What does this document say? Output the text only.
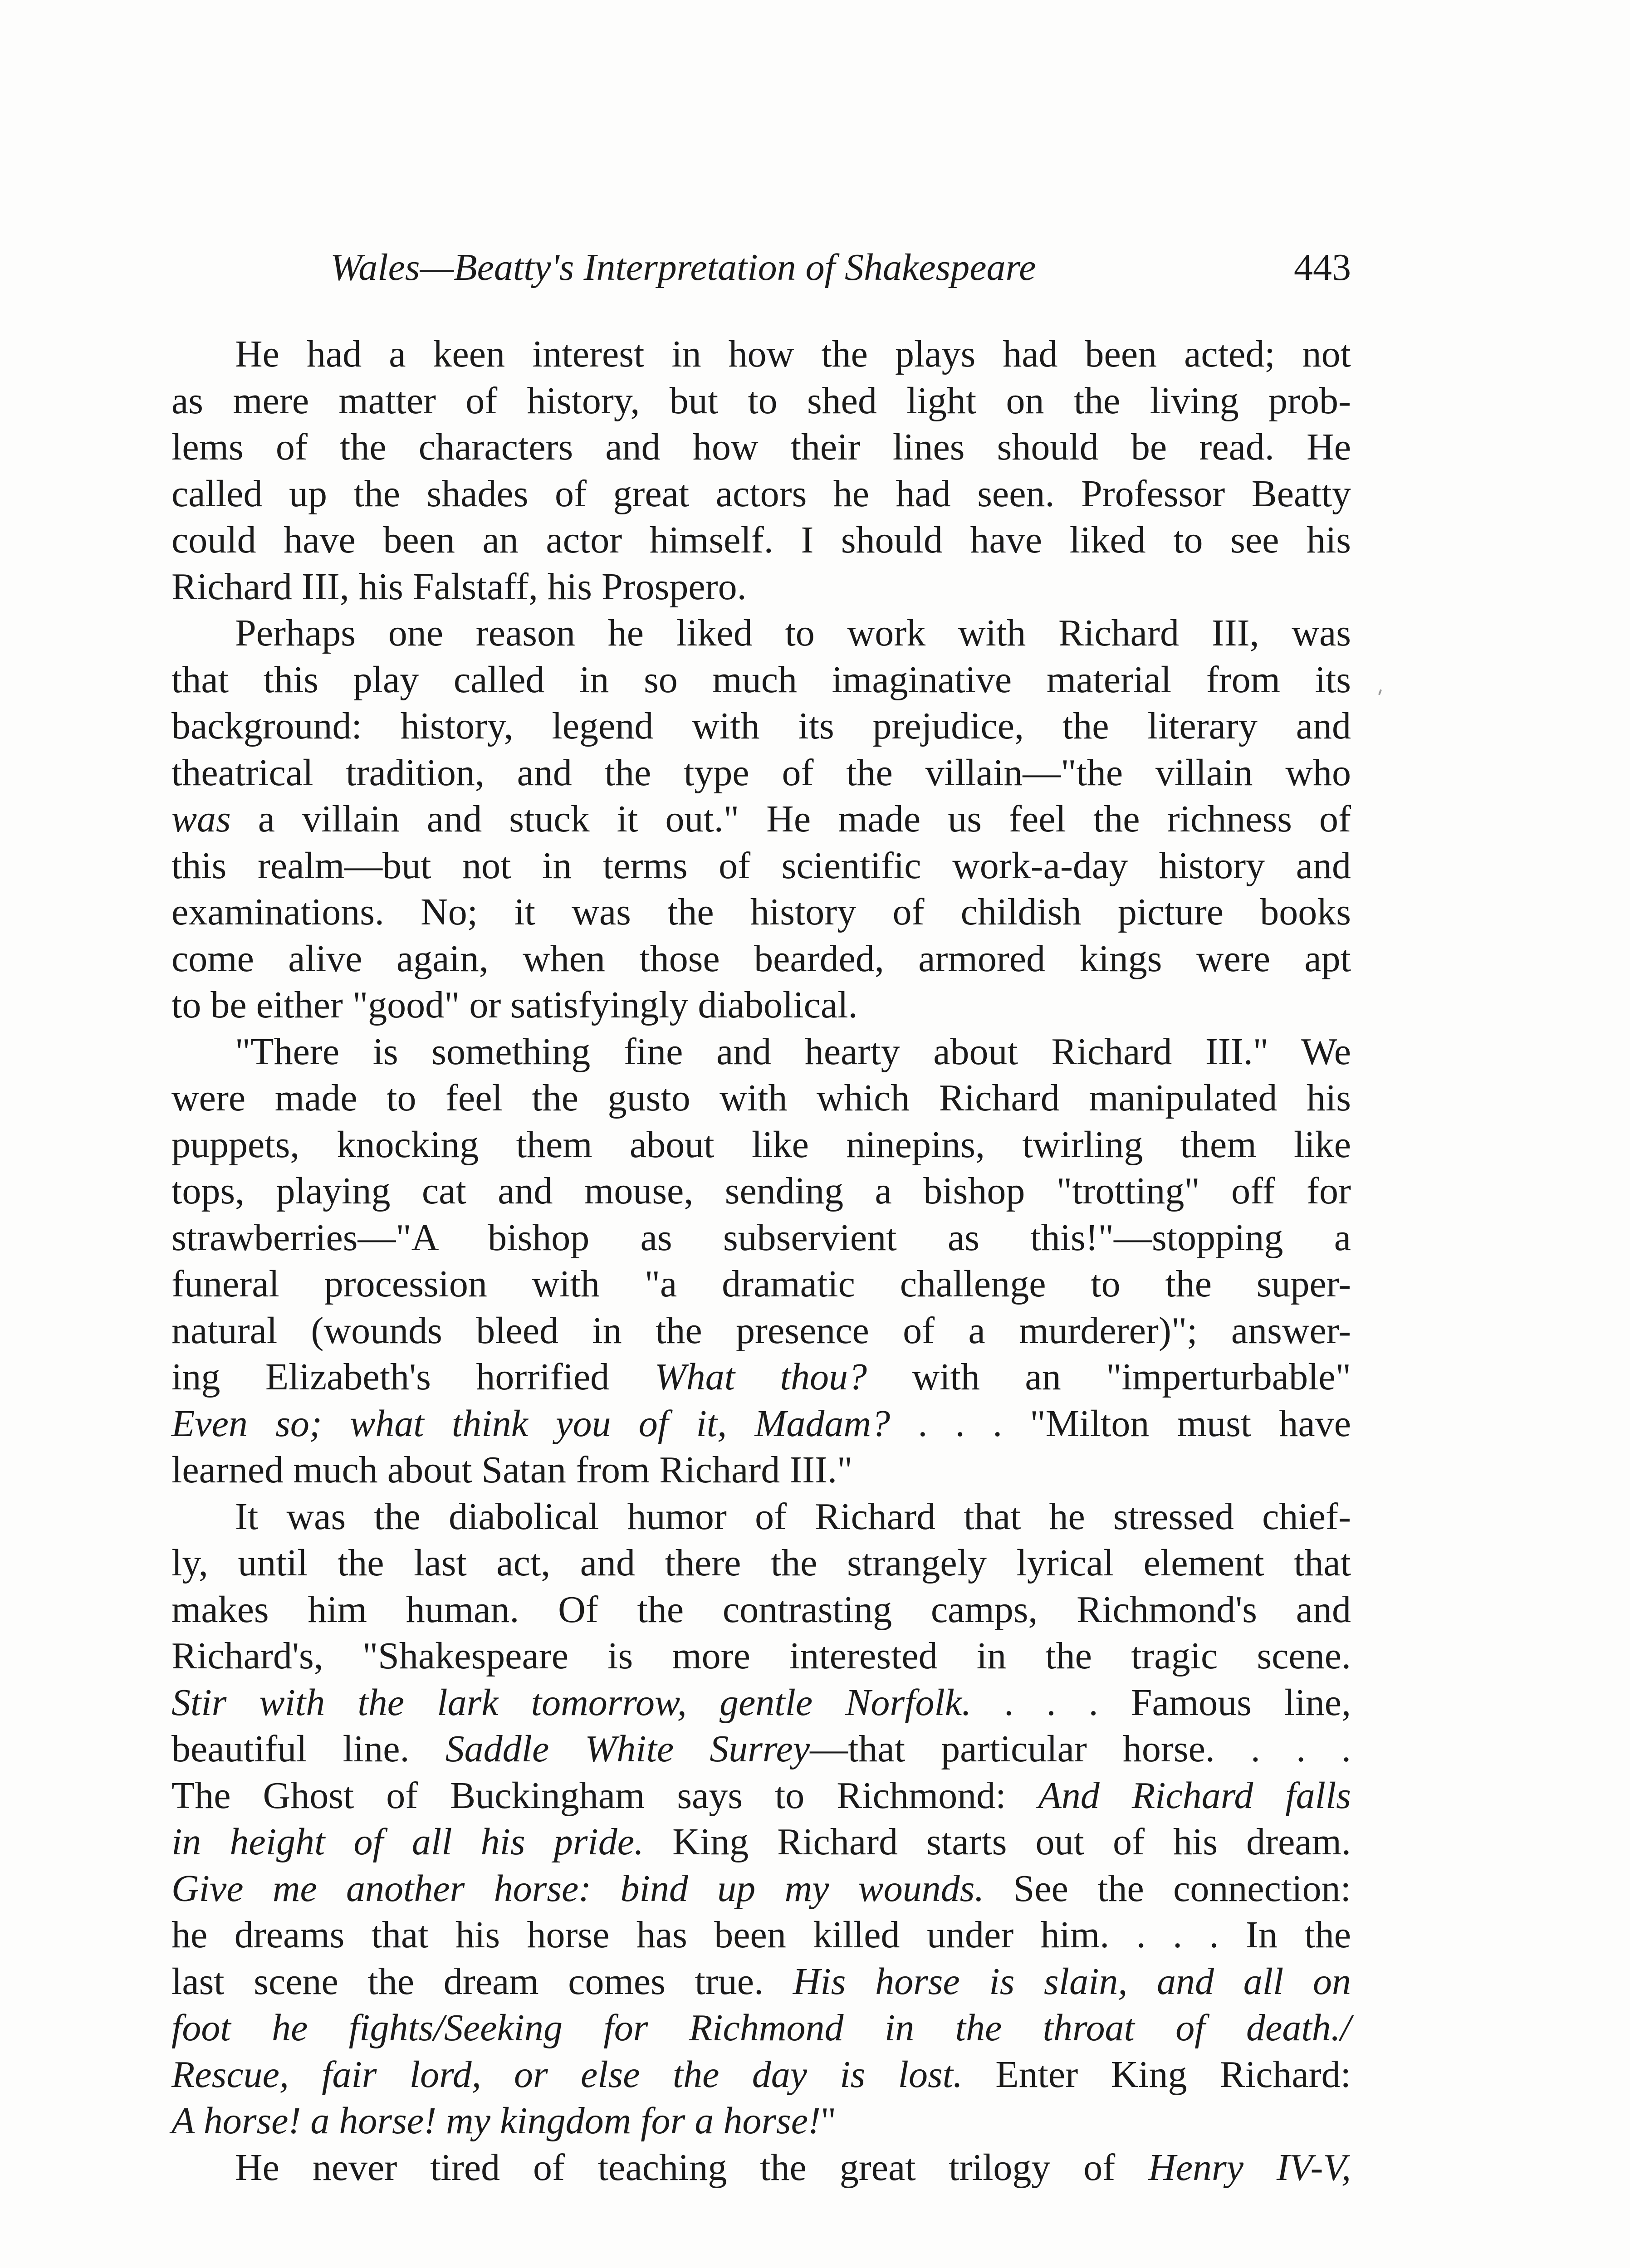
Wales—Beatty's Interpretation of Shakespeare	443
He had a keen interest in how the plays had been acted; not
as mere matter of history, but to shed light on the living prob-
lems of the characters and how their lines should be read. He
called up the shades of great actors he had seen. Professor Beatty
could have been an actor himself. I should have liked to see his
Richard III, his Falstaff, his Prospero.
Perhaps one reason he liked to work with Richard III, was
that this play called in so much imaginative material from its
background: history, legend with its prejudice, the literary and
theatrical tradition, and the type of the villain—"the villain who
was a villain and stuck it out." He made us feel the richness of
this realm—but not in terms of scientific work-a-day history and
examinations. No; it was the history of childish picture books
come alive again, when those bearded, armored kings were apt
to be either "good" or satisfyingly diabolical.
"There is something fine and hearty about Richard III." We
were made to feel the gusto with which Richard manipulated his
puppets, knocking them about like ninepins, twirling them like
tops, playing cat and mouse, sending a bishop "trotting" off for
strawberries—"A bishop as subservient as this!"—stopping a
funeral procession with "a dramatic challenge to the super-
natural (wounds bleed in the presence of a murderer)"; answer-
ing Elizabeth's horrified What thou? with an "imperturbable"
Even so; what think you of it, Madam? . . . "Milton must have
learned much about Satan from Richard III."
It was the diabolical humor of Richard that he stressed chief-
ly, until the last act, and there the strangely lyrical element that
makes him human. Of the contrasting camps, Richmond's and
Richard's, "Shakespeare is more interested in the tragic scene.
Stir with the lark tomorrow, gentle Norfolk. . . . Famous line,
beautiful line. Saddle White Surrey—that particular horse. . . .
The Ghost of Buckingham says to Richmond: And Richard falls
in height of all his pride. King Richard starts out of his dream.
Give me another horse: bind up my wounds. See the connection:
he dreams that his horse has been killed under him. . . . In the
last scene the dream comes true. His horse is slain, and all on
foot he fights/Seeking for Richmond in the throat of death./
Rescue, fair lord, or else the day is lost. Enter King Richard:
A horse! a horse! my kingdom for a horse!"
He never tired of teaching the great trilogy of Henry IV-V,
